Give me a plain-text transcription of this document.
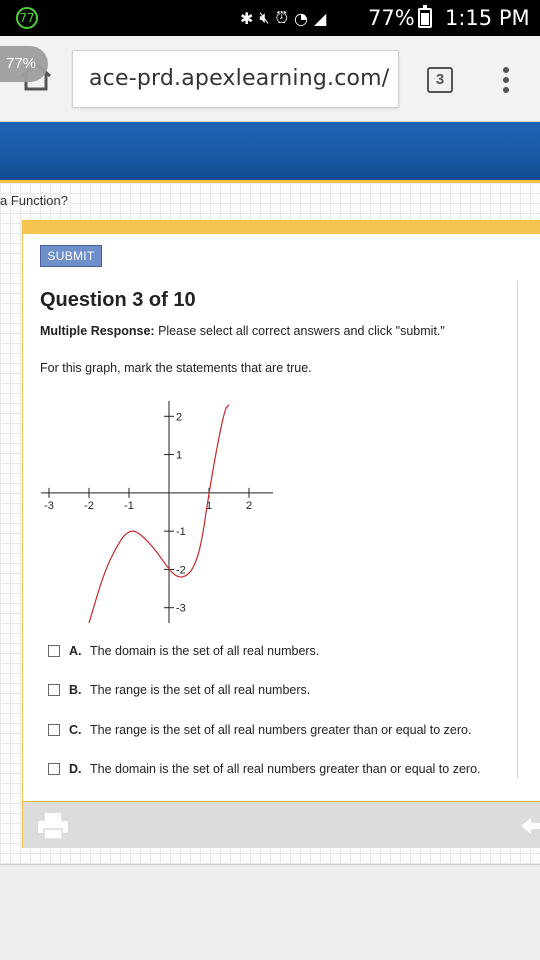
77	✱ 🔇︎ ⏰︎ ◔ ◢ 77% 1:15 PM
77%
ace-prd.apexlearning.com/	3
a Function?
SUBMIT
Question 3 of 10
Multiple Response: Please select all correct answers and click "submit."
For this graph, mark the statements that are true.
-3	-2	-1	1	2
2
1
-1
-2
-3
A. The domain is the set of all real numbers.
B. The range is the set of all real numbers.
C. The range is the set of all real numbers greater than or equal to zero.
D. The domain is the set of all real numbers greater than or equal to zero.
